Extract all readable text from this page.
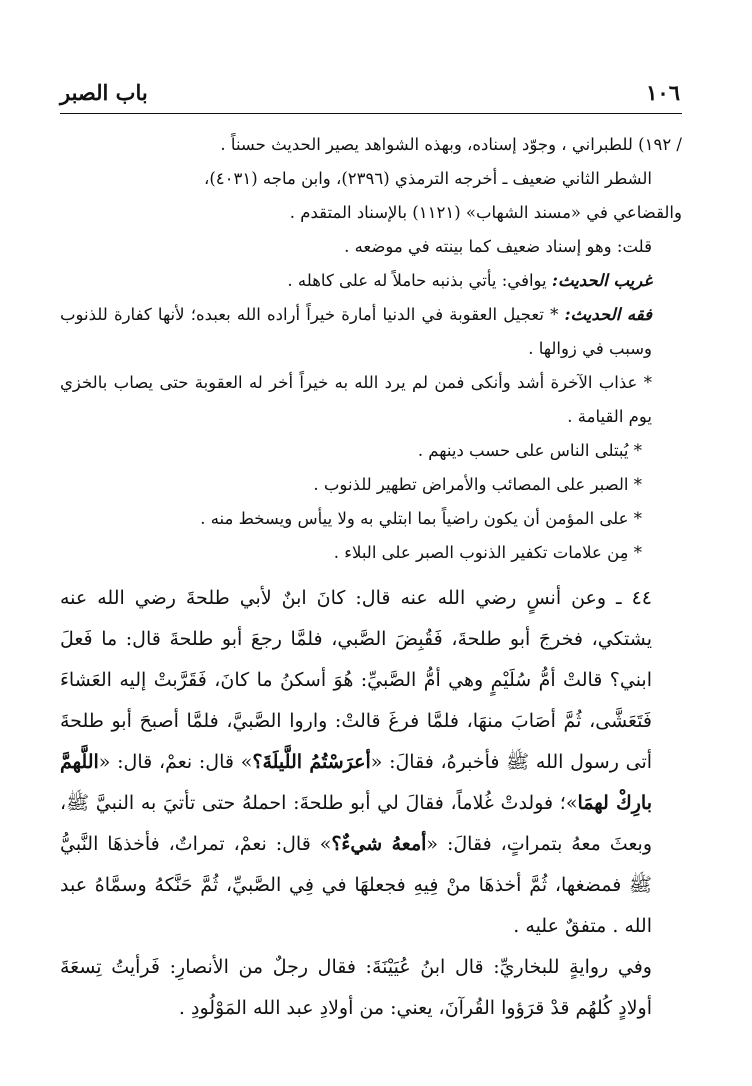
١٠٦
باب الصبر

/ ١٩٢) للطبراني ، وجوّد إسناده، وبهذه الشواهد يصير الحديث حسناً .

الشطر الثاني ضعيف ـ أخرجه الترمذي (٢٣٩٦)، وابن ماجه (٤٠٣١)،

والقضاعي في «مسند الشهاب» (١١٢١) بالإسناد المتقدم .

قلت: وهو إسناد ضعيف كما بينته في موضعه .

غريب الحديث: يوافي: يأتي بذنبه حاملاً له على كاهله .

فقه الحديث: * تعجيل العقوبة في الدنيا أمارة خيراً أراده الله بعبده؛ لأنها كفارة للذنوب وسبب في زوالها .

* عذاب الآخرة أشد وأنكى فمن لم يرد الله به خيراً أخر له العقوبة حتى يصاب بالخزي يوم القيامة .

* يُبتلى الناس على حسب دينهم .

* الصبر على المصائب والأمراض تطهير للذنوب .

* على المؤمن أن يكون راضياً بما ابتلي به ولا ييأس ويسخط منه .

* مِن علامات تكفير الذنوب الصبر على البلاء .

٤٤ ـ وعن أنسٍ رضي الله عنه قال: كانَ ابنٌ لأبي طلحةَ رضي الله عنه يشتكي، فخرجَ أبو طلحةَ، فَقُبِضَ الصَّبي، فلمَّا رجعَ أبو طلحةَ قال: ما فَعلَ ابني؟ قالتْ أمُّ سُلَيْمٍ وهي أمُّ الصَّبيِّ: هُوَ أسكنُ ما كانَ، فَقَرَّبتْ إليه العَشاءَ فَتَعَشَّى، ثُمَّ أصَابَ منهَا، فلمَّا فرغَ قالتْ: واروا الصَّبيَّ، فلمَّا أصبحَ أبو طلحةَ أتى رسول الله ﷺ فأخبرهُ، فقالَ: «أعرَسْتُمُ اللَّيلَةَ؟» قال: نعمْ، قال: «اللَّهمَّ بارِكْ لهمَا»؛ فولدتْ غُلاماً، فقالَ لي أبو طلحةَ: احملهُ حتى تأتيَ به النبيَّ ﷺ، وبعثَ معهُ بتمراتٍ، فقالَ: «أمعهُ شيءٌ؟» قال: نعمْ، تمراتٌ، فأخذهَا النَّبيُّ ﷺ فمضغها، ثُمَّ أخذهَا منْ فِيهِ فجعلهَا في فِي الصَّبيِّ، ثُمَّ حَنَّكهُ وسمَّاهُ عبد الله . متفقٌ عليه .

وفي روايةٍ للبخاريِّ: قال ابنُ عُيَيْنَةَ: فقال رجلٌ من الأنصارِ: فَرأيتُ تِسعَةَ أولادٍ كُلهُم قدْ قرَؤوا القُرآنَ، يعني: من أولادِ عبد الله المَوْلُودِ .
